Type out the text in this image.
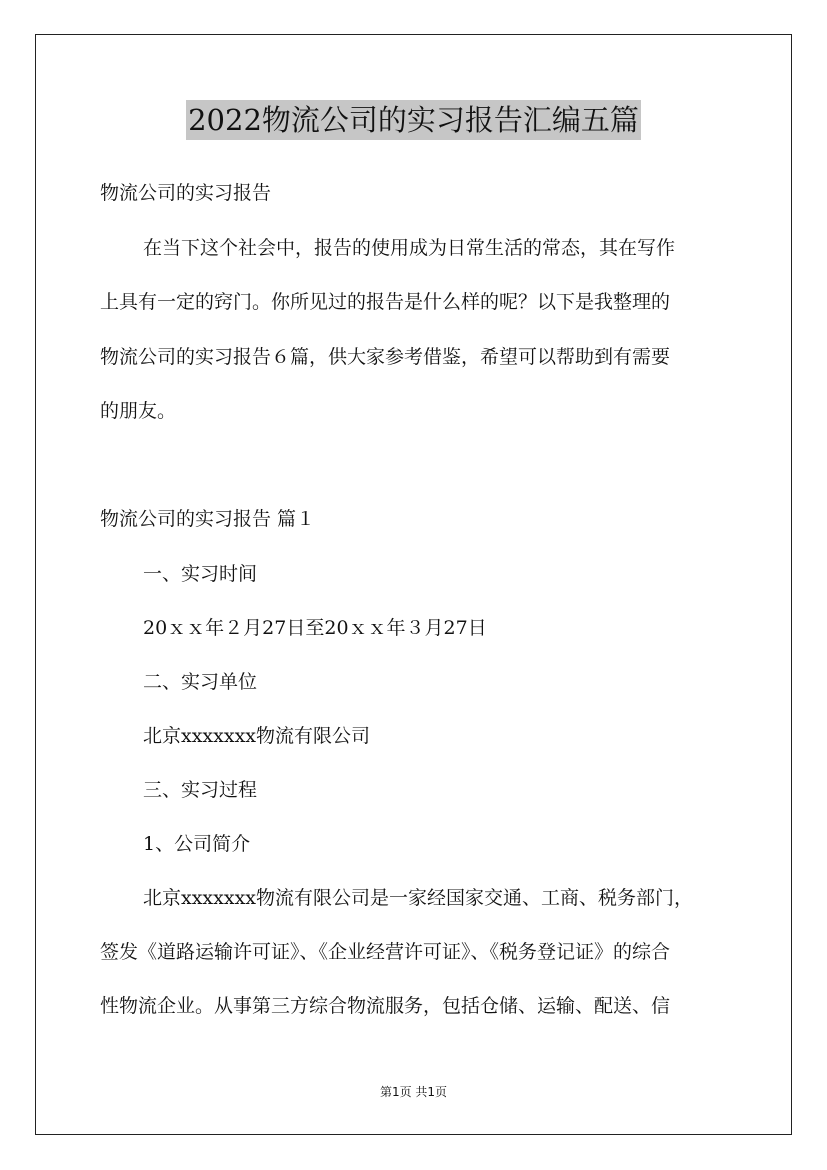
2022物流公司的实习报告汇编五篇
物流公司的实习报告
在当下这个社会中，报告的使用成为日常生活的常态，其在写作
上具有一定的窍门。你所见过的报告是什么样的呢？以下是我整理的
物流公司的实习报告６篇，供大家参考借鉴，希望可以帮助到有需要
的朋友。
物流公司的实习报告 篇１
一、实习时间
20ｘｘ年２月27日至20ｘｘ年３月27日
二、实习单位
北京xxxxxxx物流有限公司
三、实习过程
1、公司简介
北京xxxxxxx物流有限公司是一家经国家交通、工商、税务部门，
签发《道路运输许可证》、《企业经营许可证》、《税务登记证》的综合
性物流企业。从事第三方综合物流服务，包括仓储、运输、配送、信
第1页 共1页
